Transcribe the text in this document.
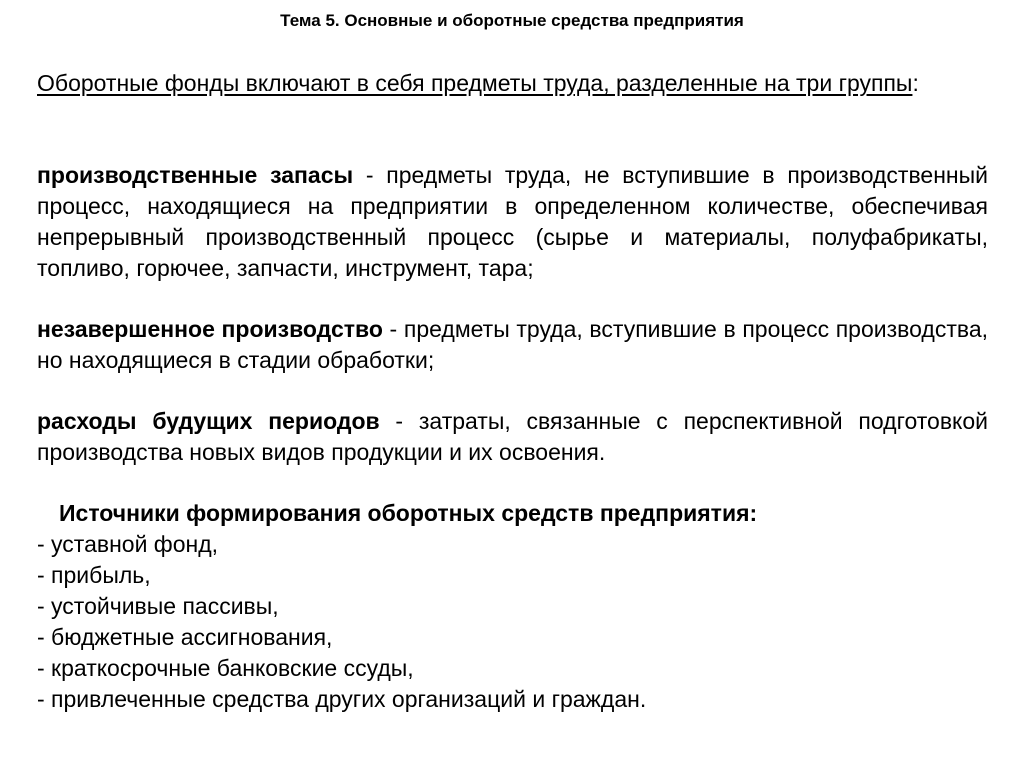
Тема 5. Основные и оборотные средства предприятия
Оборотные фонды включают в себя предметы труда, разделенные на три группы:
производственные запасы - предметы труда, не вступившие в производственный процесс, находящиеся на предприятии в определенном количестве, обеспечивая непрерывный производственный процесс (сырье и материалы, полуфабрикаты, топливо, горючее, запчасти, инструмент, тара;
незавершенное производство - предметы труда, вступившие в процесс производства, но находящиеся в стадии обработки;
расходы будущих периодов - затраты, связанные с перспективной подготовкой производства новых видов продукции и их освоения.
Источники формирования оборотных средств предприятия:
- уставной фонд,
- прибыль,
- устойчивые пассивы,
- бюджетные ассигнования,
- краткосрочные банковские ссуды,
- привлеченные средства других организаций и граждан.
